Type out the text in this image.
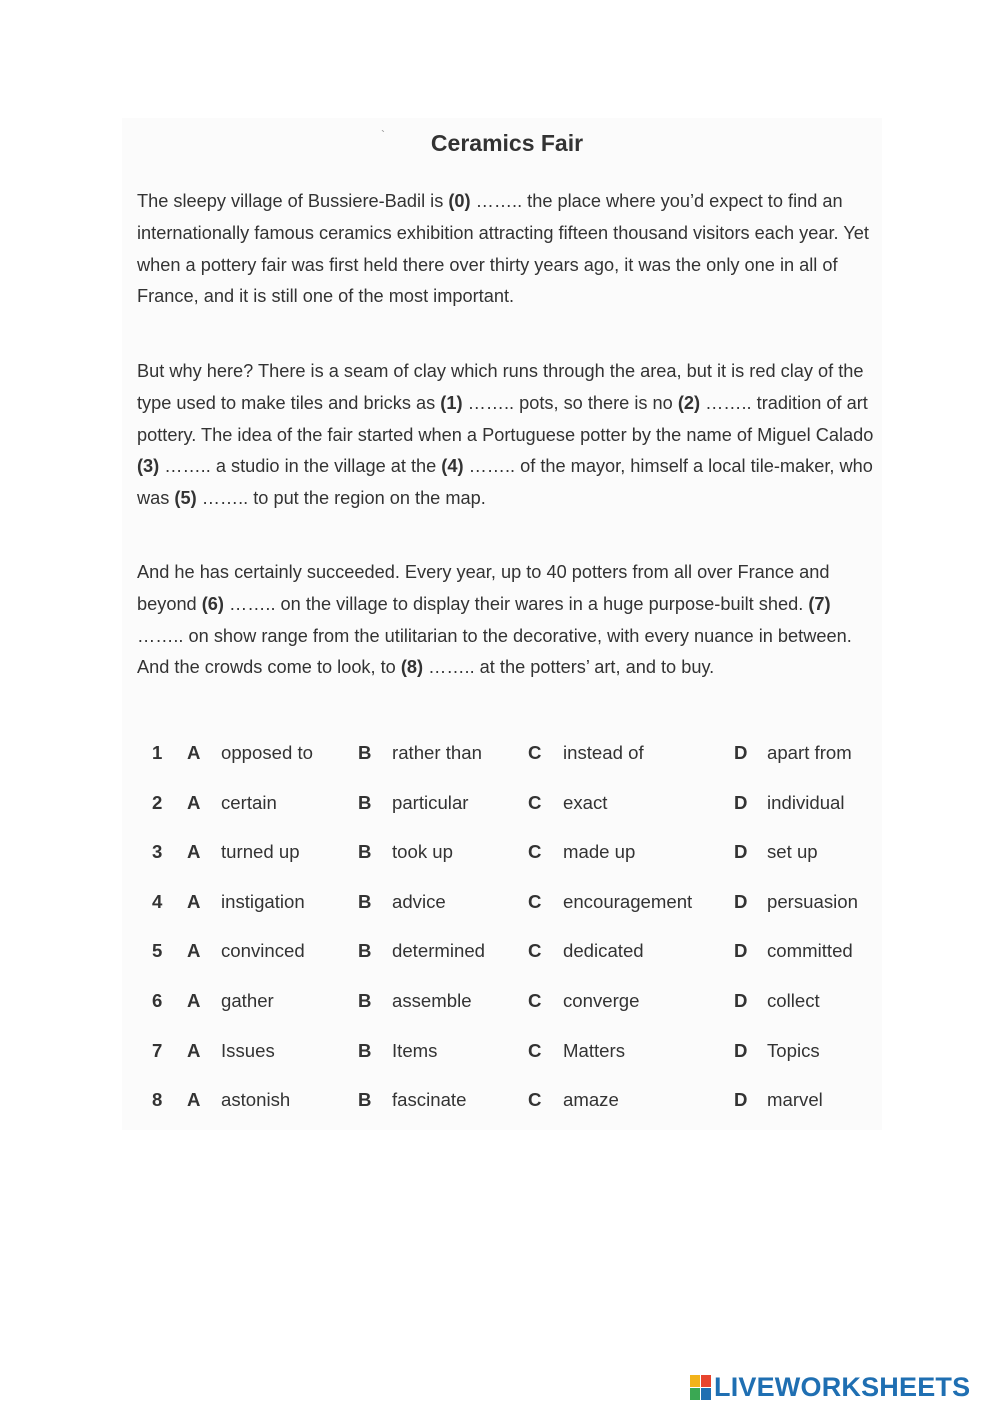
`	Ceramics Fair
The sleepy village of Bussiere-Badil is (0) …….. the place where you’d expect to find an internationally famous ceramics exhibition attracting fifteen thousand visitors each year. Yet when a pottery fair was first held there over thirty years ago, it was the only one in all of France, and it is still one of the most important.
But why here? There is a seam of clay which runs through the area, but it is red clay of the type used to make tiles and bricks as (1) …….. pots, so there is no (2) …….. tradition of art pottery. The idea of the fair started when a Portuguese potter by the name of Miguel Calado (3) …….. a studio in the village at the (4) …….. of the mayor, himself a local tile-maker, who was (5) …….. to put the region on the map.
And he has certainly succeeded. Every year, up to 40 potters from all over France and beyond (6) …….. on the village to display their wares in a huge purpose-built shed. (7) …….. on show range from the utilitarian to the decorative, with every nuance in between. And the crowds come to look, to (8) …….. at the potters’ art, and to buy.
1 A opposed to B rather than C instead of	D apart from
2 A certain	B particular	C exact	D individual
3 A turned up	B took up	C made up	D set up
4 A instigation	B advice	C encouragement D persuasion
5 A convinced	B determined C dedicated	D committed
6 A gather	B assemble	C converge	D collect
7 A Issues	B Items	C Matters	D Topics
8 A astonish	B fascinate	C amaze	D marvel
LIVEWORKSHEETS
